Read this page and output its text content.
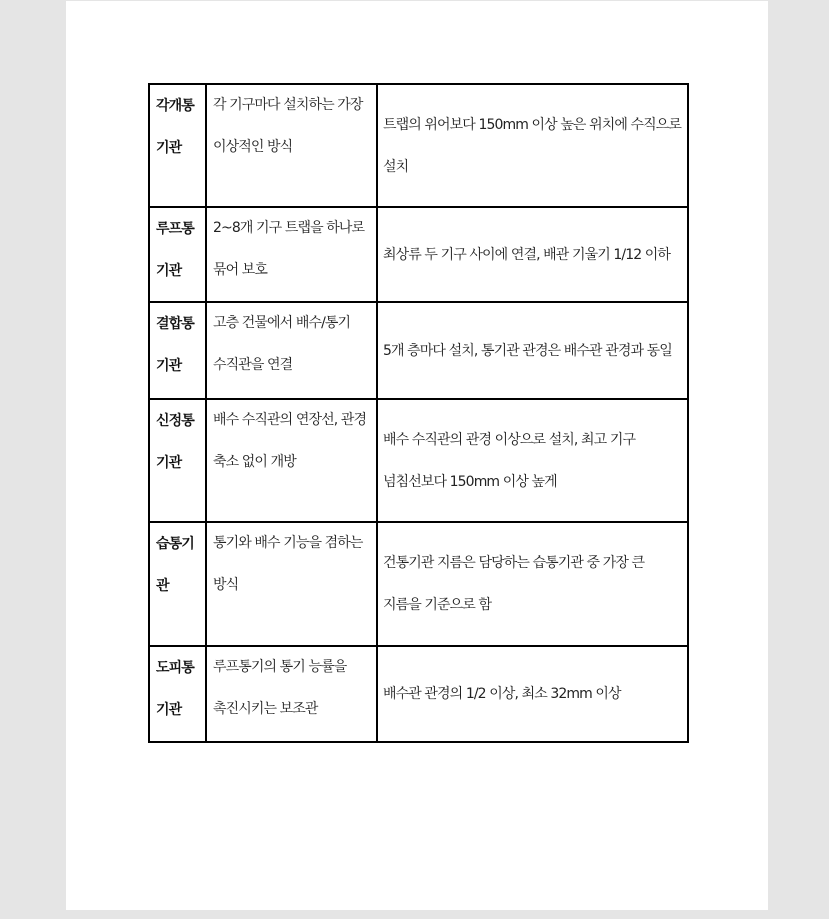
각개통기관	각 기구마다 설치하는 가장 이상적인 방식	트랩의 위어보다 150mm 이상 높은 위치에 수직으로 설치

루프통기관	2~8개 기구 트랩을 하나로 묶어 보호	최상류 두 기구 사이에 연결, 배관 기울기 1/12 이하

결합통기관	고층 건물에서 배수/통기 수직관을 연결	5개 층마다 설치, 통기관 관경은 배수관 관경과 동일

신정통기관	배수 수직관의 연장선, 관경 축소 없이 개방	배수 수직관의 관경 이상으로 설치, 최고 기구 넘침선보다 150mm 이상 높게

습통기관	통기와 배수 기능을 겸하는 방식	건통기관 지름은 담당하는 습통기관 중 가장 큰 지름을 기준으로 함

도피통기관	루프통기의 통기 능률을 촉진시키는 보조관	배수관 관경의 1/2 이상, 최소 32mm 이상
